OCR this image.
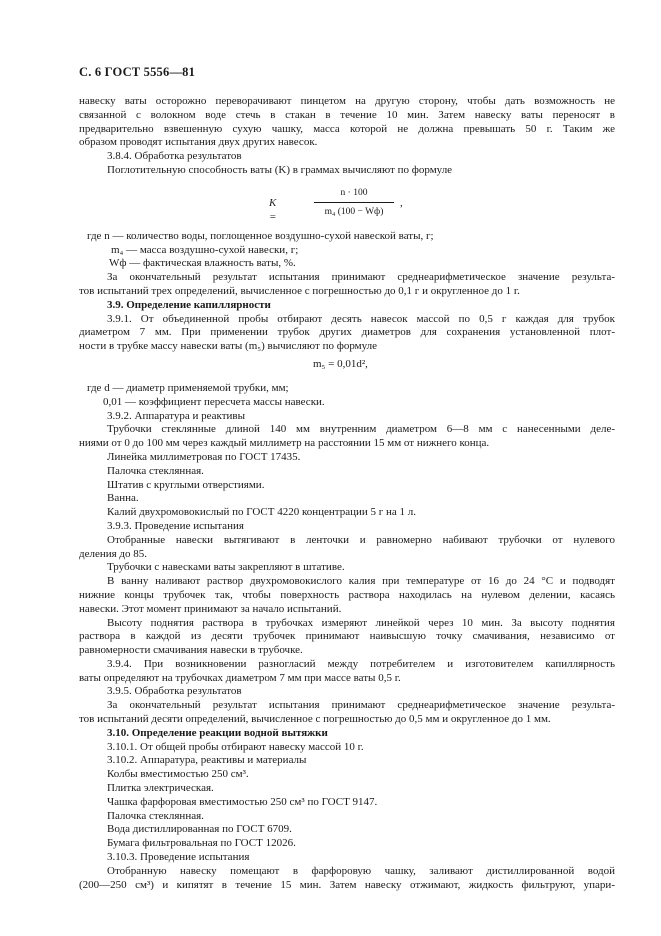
С. 6 ГОСТ 5556—81
навеску ваты осторожно переворачивают пинцетом на другую сторону, чтобы дать возможность не
связанной с волокном воде стечь в стакан в течение 10 мин. Затем навеску ваты переносят в
предварительно взвешенную сухую чашку, масса которой не должна превышать 50 г. Таким же
образом проводят испытания двух других навесок.
3.8.4. Обработка результатов
Поглотительную способность ваты (K) в граммах вычисляют по формуле
K =
n · 100
m₄ (100 − Wф)
,
где n — количество воды, поглощенное воздушно-сухой навеской ваты, г;
m₄ — масса воздушно-сухой навески, г;
Wф — фактическая влажность ваты, %.
За окончательный результат испытания принимают среднеарифметическое значение результа-
тов испытаний трех определений, вычисленное с погрешностью до 0,1 г и округленное до 1 г.
3.9. Определение капиллярности
3.9.1. От объединенной пробы отбирают десять навесок массой по 0,5 г каждая для трубок
диаметром 7 мм. При применении трубок других диаметров для сохранения установленной плот-
ности в трубке массу навески ваты (m₅) вычисляют по формуле
m₅ = 0,01d²,
где d — диаметр применяемой трубки, мм;
0,01 — коэффициент пересчета массы навески.
3.9.2. Аппаратура и реактивы
Трубочки стеклянные длиной 140 мм внутренним диаметром 6—8 мм с нанесенными деле-
ниями от 0 до 100 мм через каждый миллиметр на расстоянии 15 мм от нижнего конца.
Линейка миллиметровая по ГОСТ 17435.
Палочка стеклянная.
Штатив с круглыми отверстиями.
Ванна.
Калий двухромовокислый по ГОСТ 4220 концентрации 5 г на 1 л.
3.9.3. Проведение испытания
Отобранные навески вытягивают в ленточки и равномерно набивают трубочки от нулевого
деления до 85.
Трубочки с навесками ваты закрепляют в штативе.
В ванну наливают раствор двухромовокислого калия при температуре от 16 до 24 °С и подводят
нижние концы трубочек так, чтобы поверхность раствора находилась на нулевом делении, касаясь
навески. Этот момент принимают за начало испытаний.
Высоту поднятия раствора в трубочках измеряют линейкой через 10 мин. За высоту поднятия
раствора в каждой из десяти трубочек принимают наивысшую точку смачивания, независимо от
равномерности смачивания навески в трубочке.
3.9.4. При возникновении разногласий между потребителем и изготовителем капиллярность
ваты определяют на трубочках диаметром 7 мм при массе ваты 0,5 г.
3.9.5. Обработка результатов
За окончательный результат испытания принимают среднеарифметическое значение результа-
тов испытаний десяти определений, вычисленное с погрешностью до 0,5 мм и округленное до 1 мм.
3.10. Определение реакции водной вытяжки
3.10.1. От общей пробы отбирают навеску массой 10 г.
3.10.2. Аппаратура, реактивы и материалы
Колбы вместимостью 250 см³.
Плитка электрическая.
Чашка фарфоровая вместимостью 250 см³ по ГОСТ 9147.
Палочка стеклянная.
Вода дистиллированная по ГОСТ 6709.
Бумага фильтровальная по ГОСТ 12026.
3.10.3. Проведение испытания
Отобранную навеску помещают в фарфоровую чашку, заливают дистиллированной водой
(200—250 см³) и кипятят в течение 15 мин. Затем навеску отжимают, жидкость фильтруют, упари-
